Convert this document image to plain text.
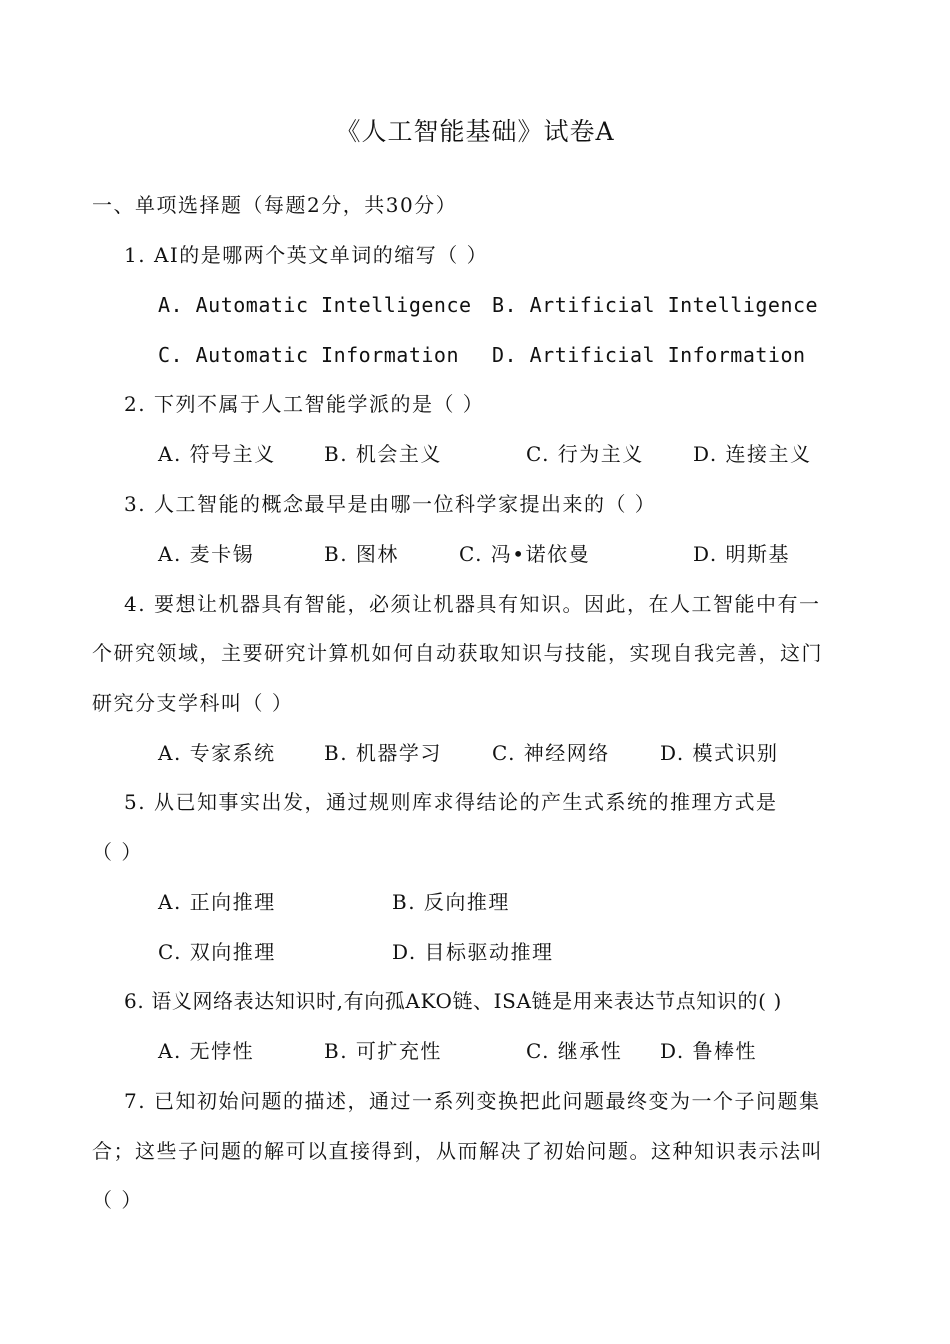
《人工智能基础》试卷A
一、单项选择题（每题2分，共30分）
1. AI的是哪两个英文单词的缩写（ ）
A. Automatic Intelligence B. Artificial Intelligence
C. Automatic Information D. Artificial Information
2. 下列不属于人工智能学派的是（ ）
A. 符号主义 B. 机会主义	C. 行为主义 D. 连接主义
3. 人工智能的概念最早是由哪一位科学家提出来的（ ）
A. 麦卡锡	B. 图林	C. 冯•诺依曼	D. 明斯基
4. 要想让机器具有智能，必须让机器具有知识。因此，在人工智能中有一
个研究领域，主要研究计算机如何自动获取知识与技能，实现自我完善，这门
研究分支学科叫（ ）
A. 专家系统 B. 机器学习	C. 神经网络	D. 模式识别
5. 从已知事实出发，通过规则库求得结论的产生式系统的推理方式是
（ ）
A. 正向推理	B. 反向推理
C. 双向推理	D. 目标驱动推理
6. 语义网络表达知识时,有向孤AKO链、ISA链是用来表达节点知识的( )
A. 无悖性	B. 可扩充性	C. 继承性 D. 鲁棒性
7. 已知初始问题的描述，通过一系列变换把此问题最终变为一个子问题集
合；这些子问题的解可以直接得到，从而解决了初始问题。这种知识表示法叫
（ ）
